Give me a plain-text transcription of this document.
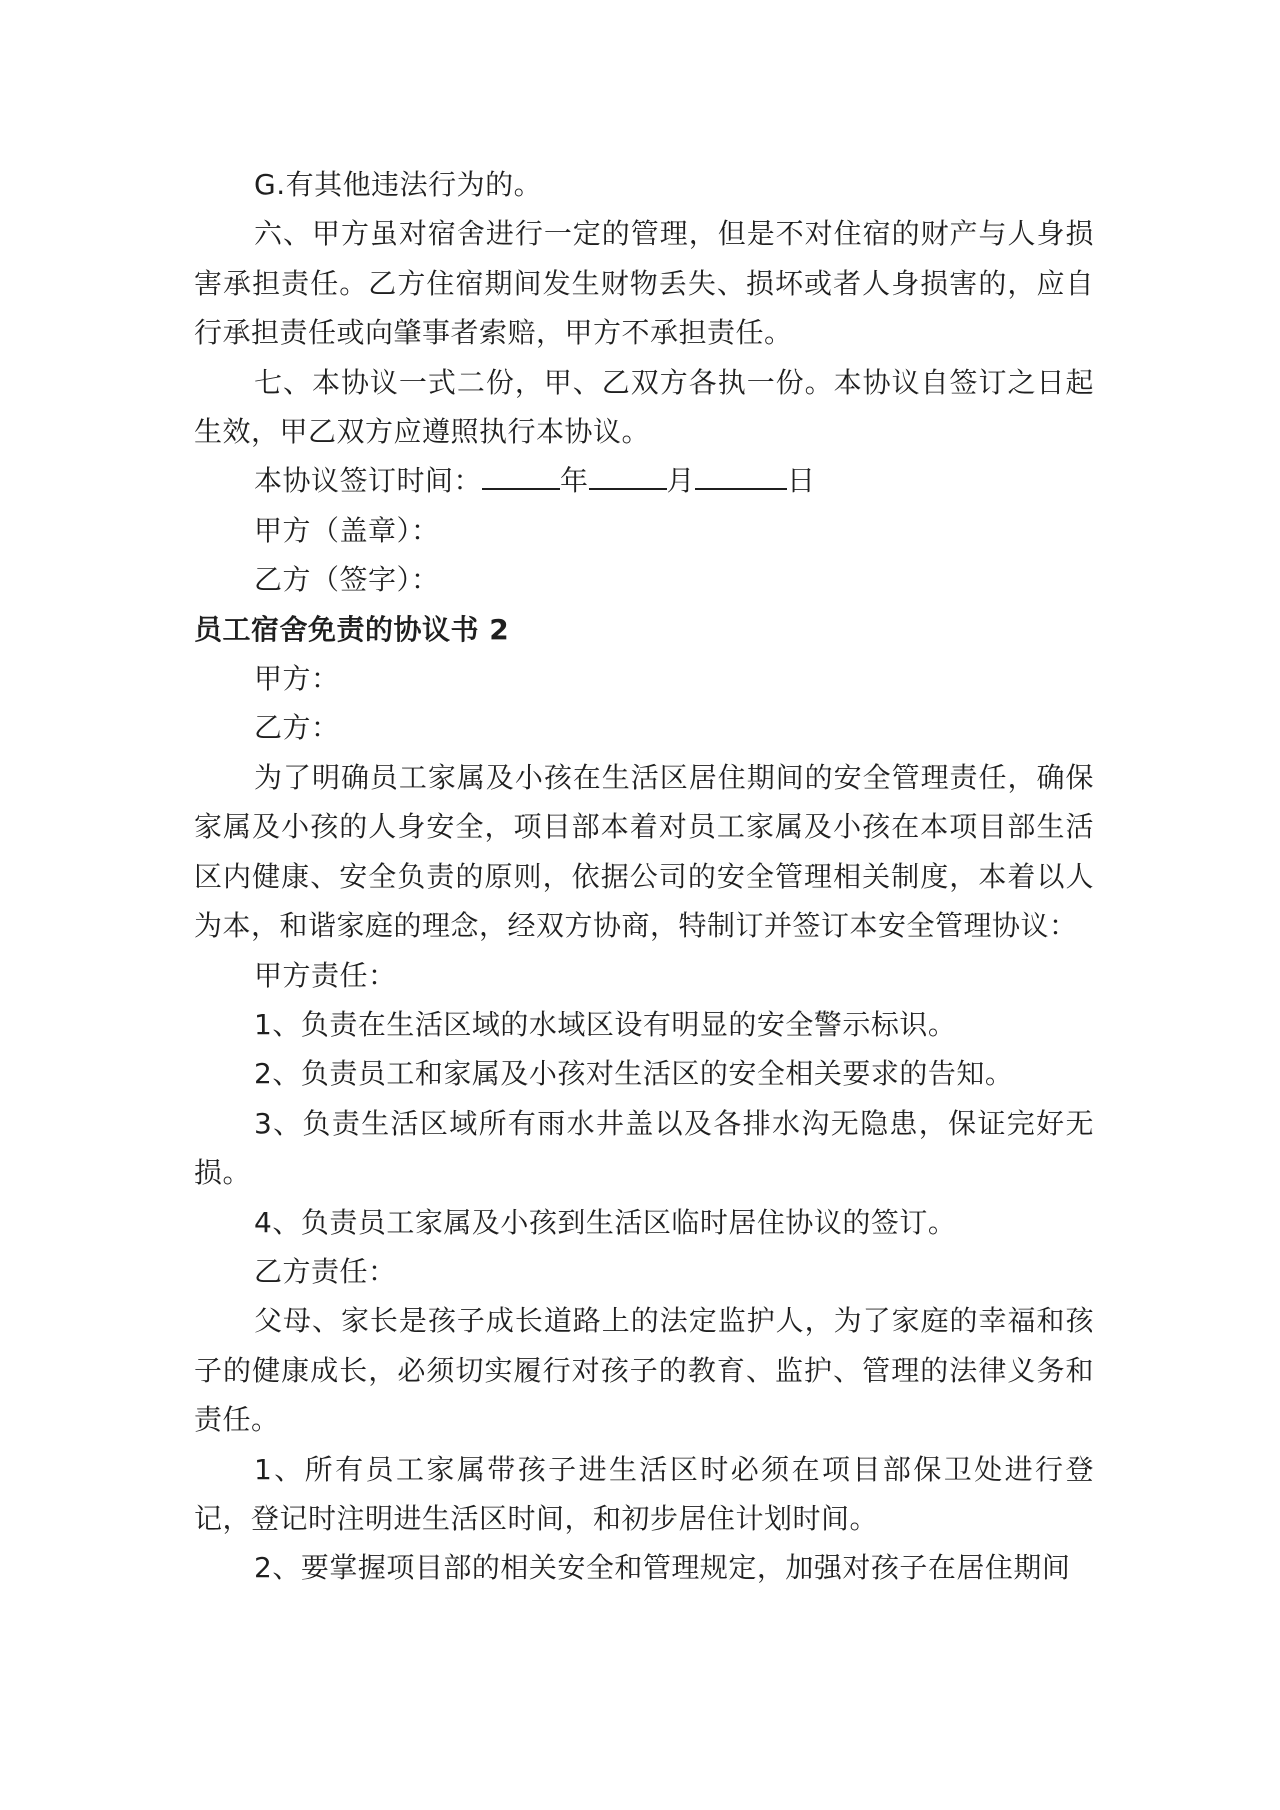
G.有其他违法行为的。

六、甲方虽对宿舍进行一定的管理，但是不对住宿的财产与人身损害承担责任。乙方住宿期间发生财物丢失、损坏或者人身损害的，应自行承担责任或向肇事者索赔，甲方不承担责任。

七、本协议一式二份，甲、乙双方各执一份。本协议自签订之日起生效，甲乙双方应遵照执行本协议。

本协议签订时间：	年	月	日

甲方（盖章）：

乙方（签字）：

员工宿舍免责的协议书 2

甲方：

乙方：

为了明确员工家属及小孩在生活区居住期间的安全管理责任，确保家属及小孩的人身安全，项目部本着对员工家属及小孩在本项目部生活区内健康、安全负责的原则，依据公司的安全管理相关制度，本着以人为本，和谐家庭的理念，经双方协商，特制订并签订本安全管理协议：

甲方责任：

1、负责在生活区域的水域区设有明显的安全警示标识。

2、负责员工和家属及小孩对生活区的安全相关要求的告知。

3、负责生活区域所有雨水井盖以及各排水沟无隐患，保证完好无损。

4、负责员工家属及小孩到生活区临时居住协议的签订。

乙方责任：

父母、家长是孩子成长道路上的法定监护人，为了家庭的幸福和孩子的健康成长，必须切实履行对孩子的教育、监护、管理的法律义务和责任。

1、所有员工家属带孩子进生活区时必须在项目部保卫处进行登记，登记时注明进生活区时间，和初步居住计划时间。

2、要掌握项目部的相关安全和管理规定，加强对孩子在居住期间
